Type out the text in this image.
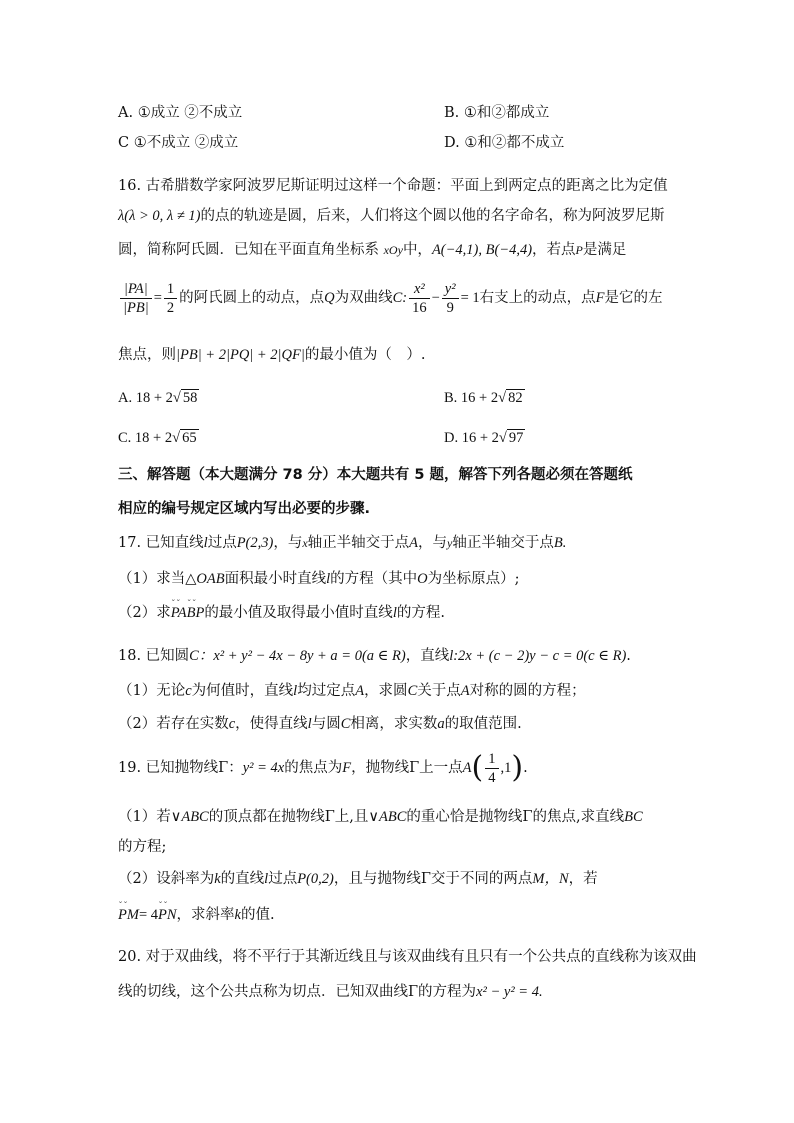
A. ①成立 ②不成立	B. ①和②都成立
C ①不成立 ②成立	D. ①和②都不成立
16. 古希腊数学家阿波罗尼斯证明过这样一个命题：平面上到两定点的距离之比为定值
λ(λ > 0, λ ≠ 1)的点的轨迹是圆，后来，人们将这个圆以他的名字命名，称为阿波罗尼斯
圆，简称阿氏圆．已知在平面直角坐标系 xOy中，A(−4,1), B(−4,4)，若点P是满足
$\frac{|PA|}{|PB|} = \frac{1}{2}$ 的阿氏圆上的动点，点Q为双曲线C: $\frac{\text{x²}}{16} - \frac{\text{y²}}{9} = 1$右支上的动点，点F是它的左
焦点，则|PB| + 2|PQ| + 2|QF|的最小值为（　）.
A. 18 + 2√ 58	B. 16 + 2√ 82
C. 18 + 2√ 65	D. 16 + 2√ 97
三、解答题（本大题满分 78 分）本大题共有 5 题，解答下列各题必须在答题纸
相应的编号规定区域内写出必要的步骤.
17. 已知直线l过点P(2,3)，与x轴正半轴交于点A，与y轴正半轴交于点B.
（1）求当△OAB面积最小时直线l的方程（其中O为坐标原点）;
（2）求˘˘ PA˘˘ BP的最小值及取得最小值时直线l的方程.
18. 已知圆C：x² + y² − 4x − 8y + a = 0(a ∈ R)，直线l:2x + (c − 2)y − c = 0(c ∈ R).
（1）无论c为何值时，直线l均过定点A，求圆C关于点A对称的圆的方程；
（2）若存在实数c，使得直线l与圆C相离，求实数a的取值范围.
19. 已知抛物线Γ：y² = 4x的焦点为F，抛物线Γ上一点$A( \frac{1}{4} ,1)$.
（1）若∨ABC的顶点都在抛物线Γ上,且∨ABC的重心恰是抛物线Γ的焦点,求直线BC
的方程;
（2）设斜率为k的直线l过点P(0,2)，且与抛物线Γ交于不同的两点M，N，若
˘˘ PM= 4˘˘ PN，求斜率k的值.
20. 对于双曲线，将不平行于其渐近线且与该双曲线有且只有一个公共点的直线称为该双曲
线的切线，这个公共点称为切点．已知双曲线Γ的方程为x² − y² = 4.
